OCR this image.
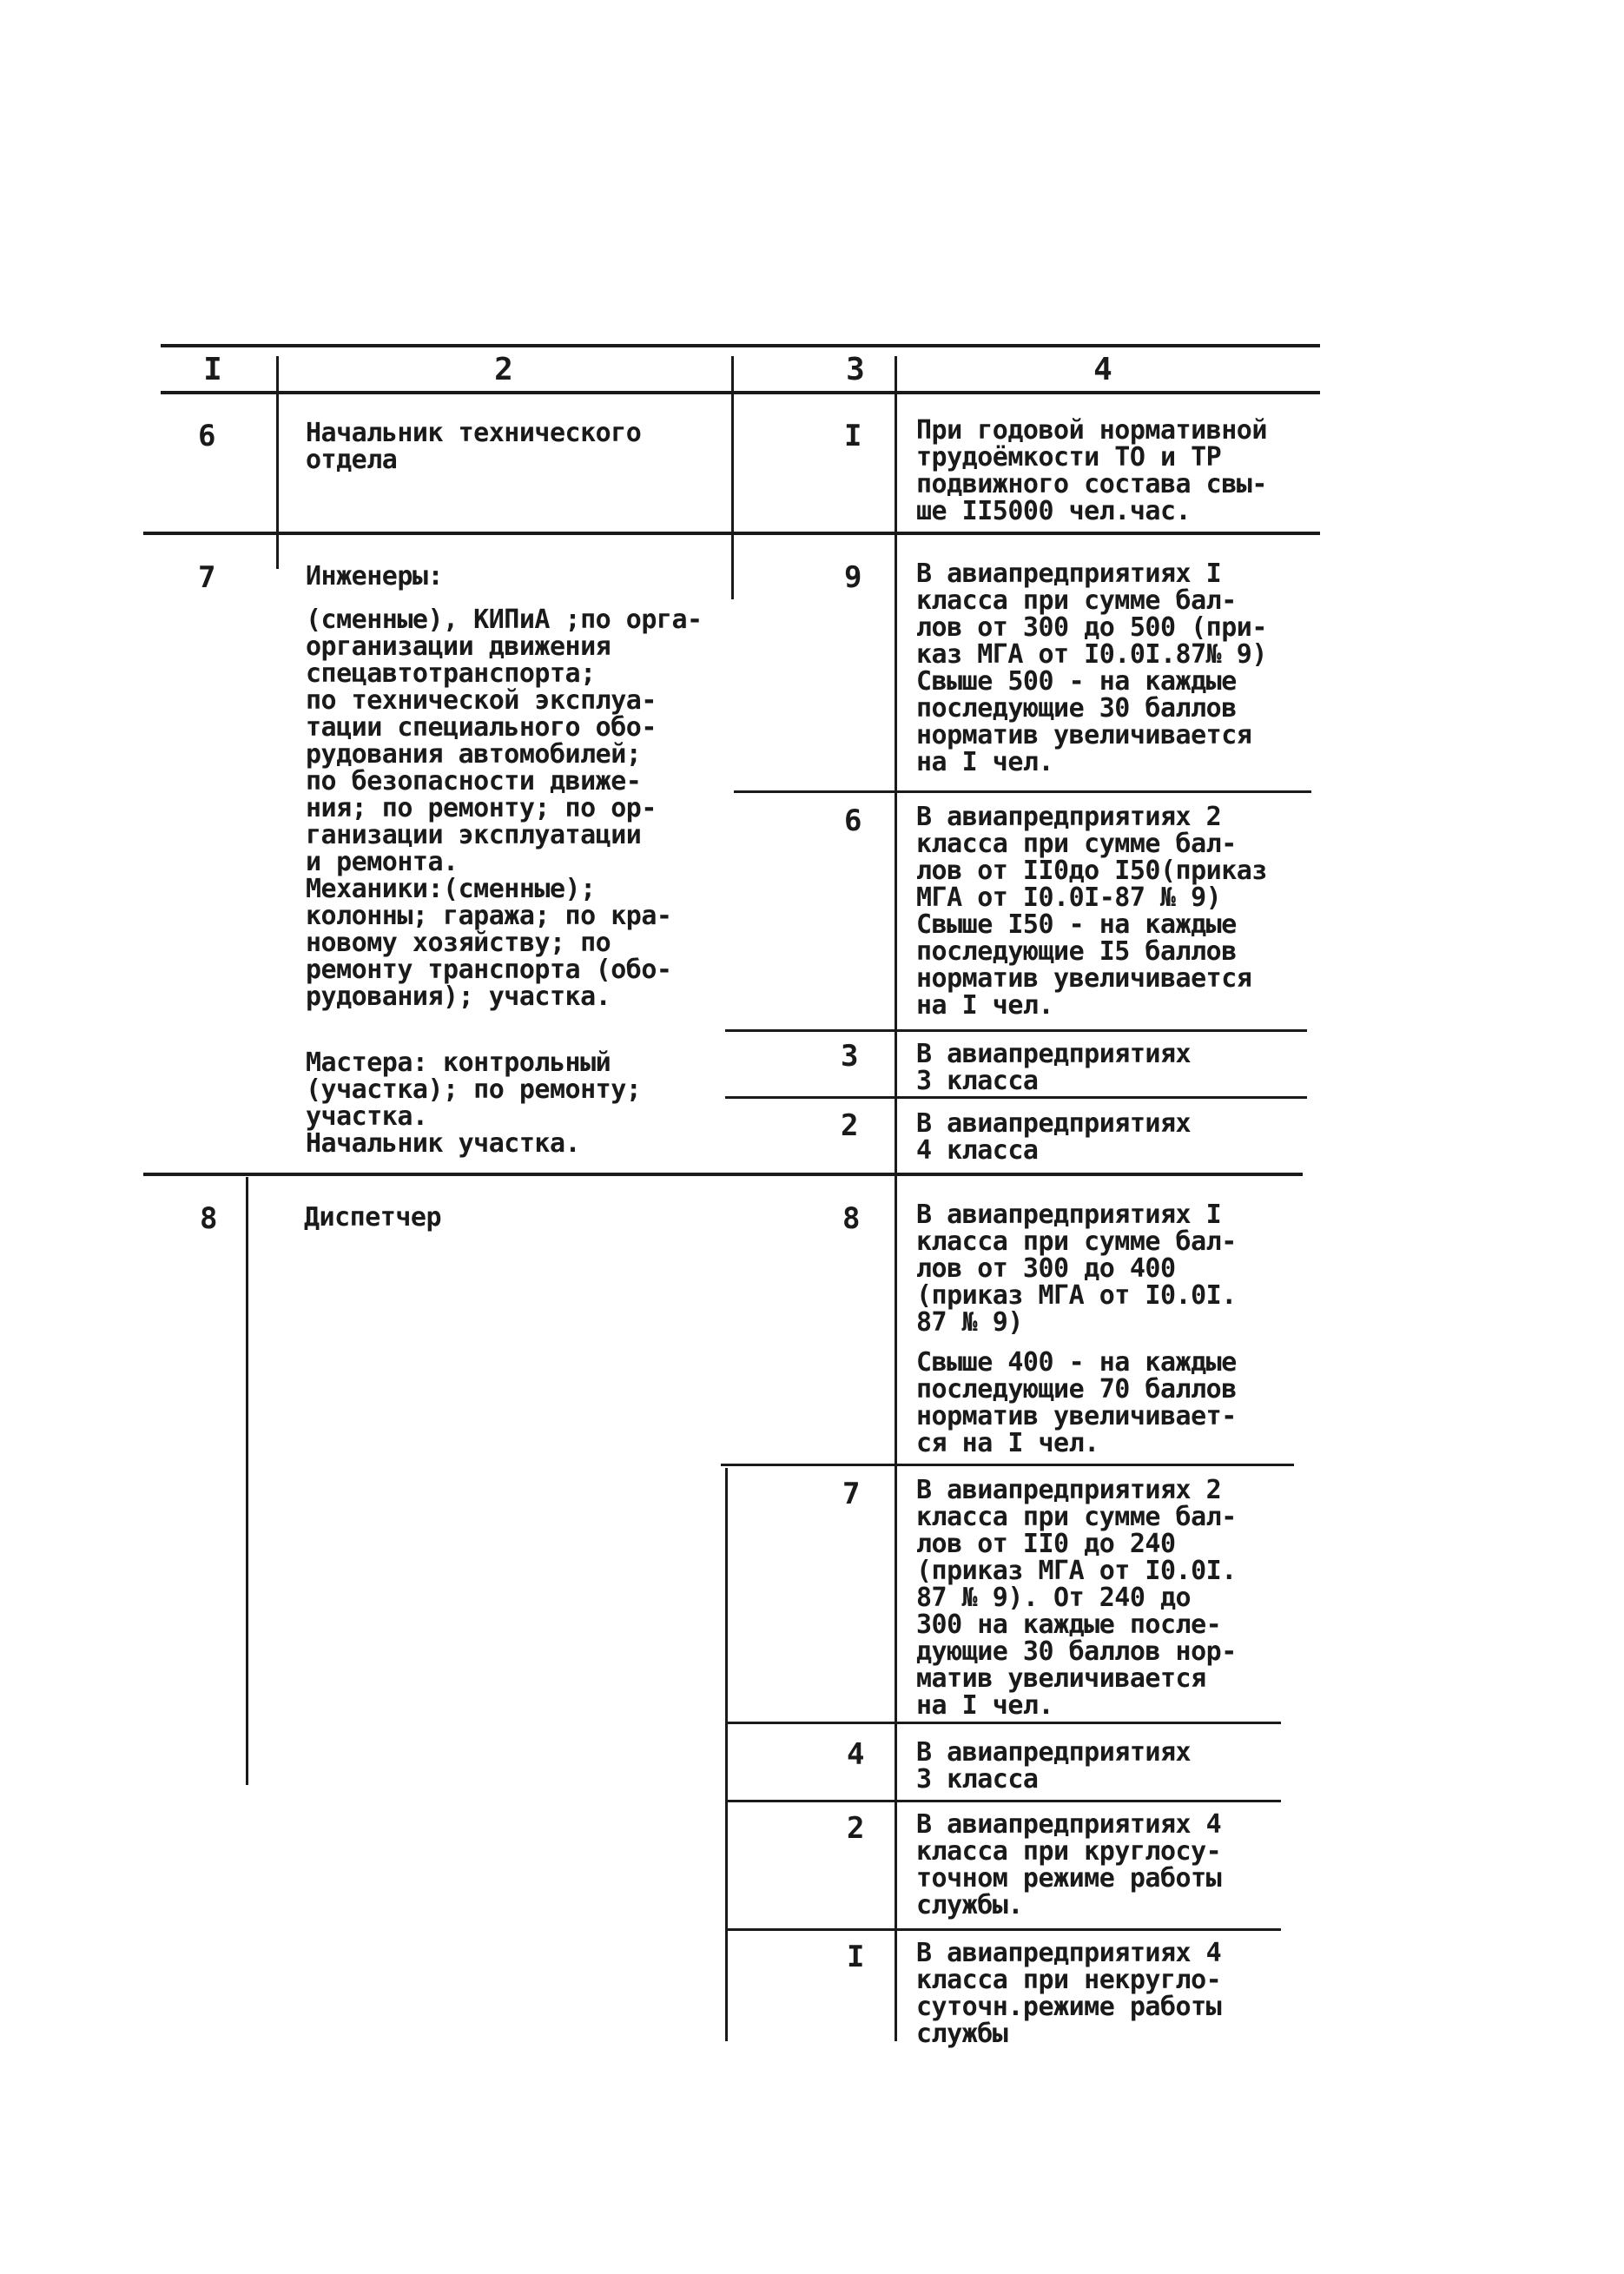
I	2	3	4
6	Начальник технического
отдела
I При годовой нормативной
трудоёмкости ТО и ТР
подвижного состава свы-
ше II5000 чел.час.
7	Инженеры:
(сменные), КИПиА ;по орга-
организации движения
спецавтотранспорта;
по технической эксплуа-
тации специального обо-
рудования автомобилей;
по безопасности движе-
ния; по ремонту; по ор-
ганизации эксплуатации
и ремонта.
Механики:(сменные);
колонны; гаража; по кра-
новому хозяйству; по
ремонту транспорта (обо-
рудования); участка.
Мастера: контрольный
(участка); по ремонту;
участка.
Начальник участка.
9 В авиапредприятиях I
класса при сумме бал-
лов от 300 до 500 (при-
каз МГА от I0.0I.87№ 9)
Свыше 500 - на каждые
последующие 30 баллов
норматив увеличивается
на I чел.
6 В авиапредприятиях 2
класса при сумме бал-
лов от II0до I50(приказ
МГА от I0.0I-87 № 9)
Свыше I50 - на каждые
последующие I5 баллов
норматив увеличивается
на I чел.
3 В авиапредприятиях
3 класса
2 В авиапредприятиях
4 класса
8	Диспетчер	8 В авиапредприятиях I
класса при сумме бал-
лов от 300 до 400
(приказ МГА от I0.0I.
87 № 9)
Свыше 400 - на каждые
последующие 70 баллов
норматив увеличивает-
ся на I чел.
7 В авиапредприятиях 2
класса при сумме бал-
лов от II0 до 240
(приказ МГА от I0.0I.
87 № 9). От 240 до
300 на каждые после-
дующие 30 баллов нор-
матив увеличивается
на I чел.
4 В авиапредприятиях
3 класса
2 В авиапредприятиях 4
класса при круглосу-
точном режиме работы
службы.
I В авиапредприятиях 4
класса при некругло-
суточн.режиме работы
службы
